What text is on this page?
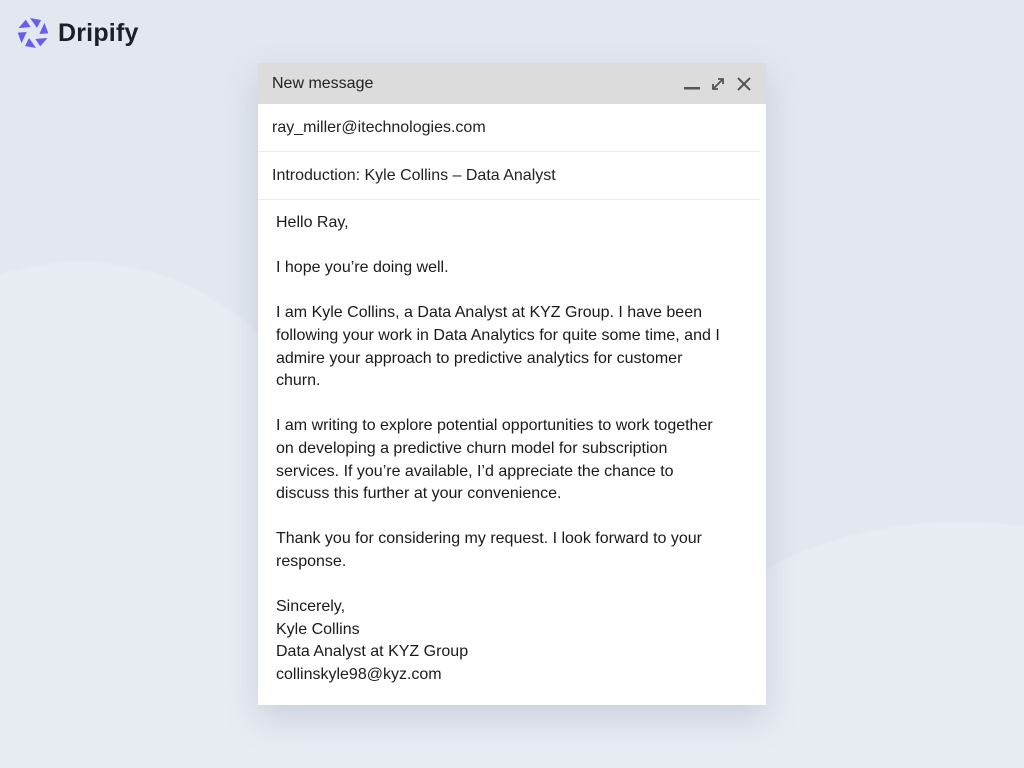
Dripify
New message
ray_miller@itechnologies.com
Introduction: Kyle Collins – Data Analyst
Hello Ray,
I hope you’re doing well.
I am Kyle Collins, a Data Analyst at KYZ Group. I have been
following your work in Data Analytics for quite some time, and I
admire your approach to predictive analytics for customer
churn.
I am writing to explore potential opportunities to work together
on developing a predictive churn model for subscription
services. If you’re available, I’d appreciate the chance to
discuss this further at your convenience.
Thank you for considering my request. I look forward to your
response.
Sincerely,
Kyle Collins
Data Analyst at KYZ Group
collinskyle98@kyz.com
